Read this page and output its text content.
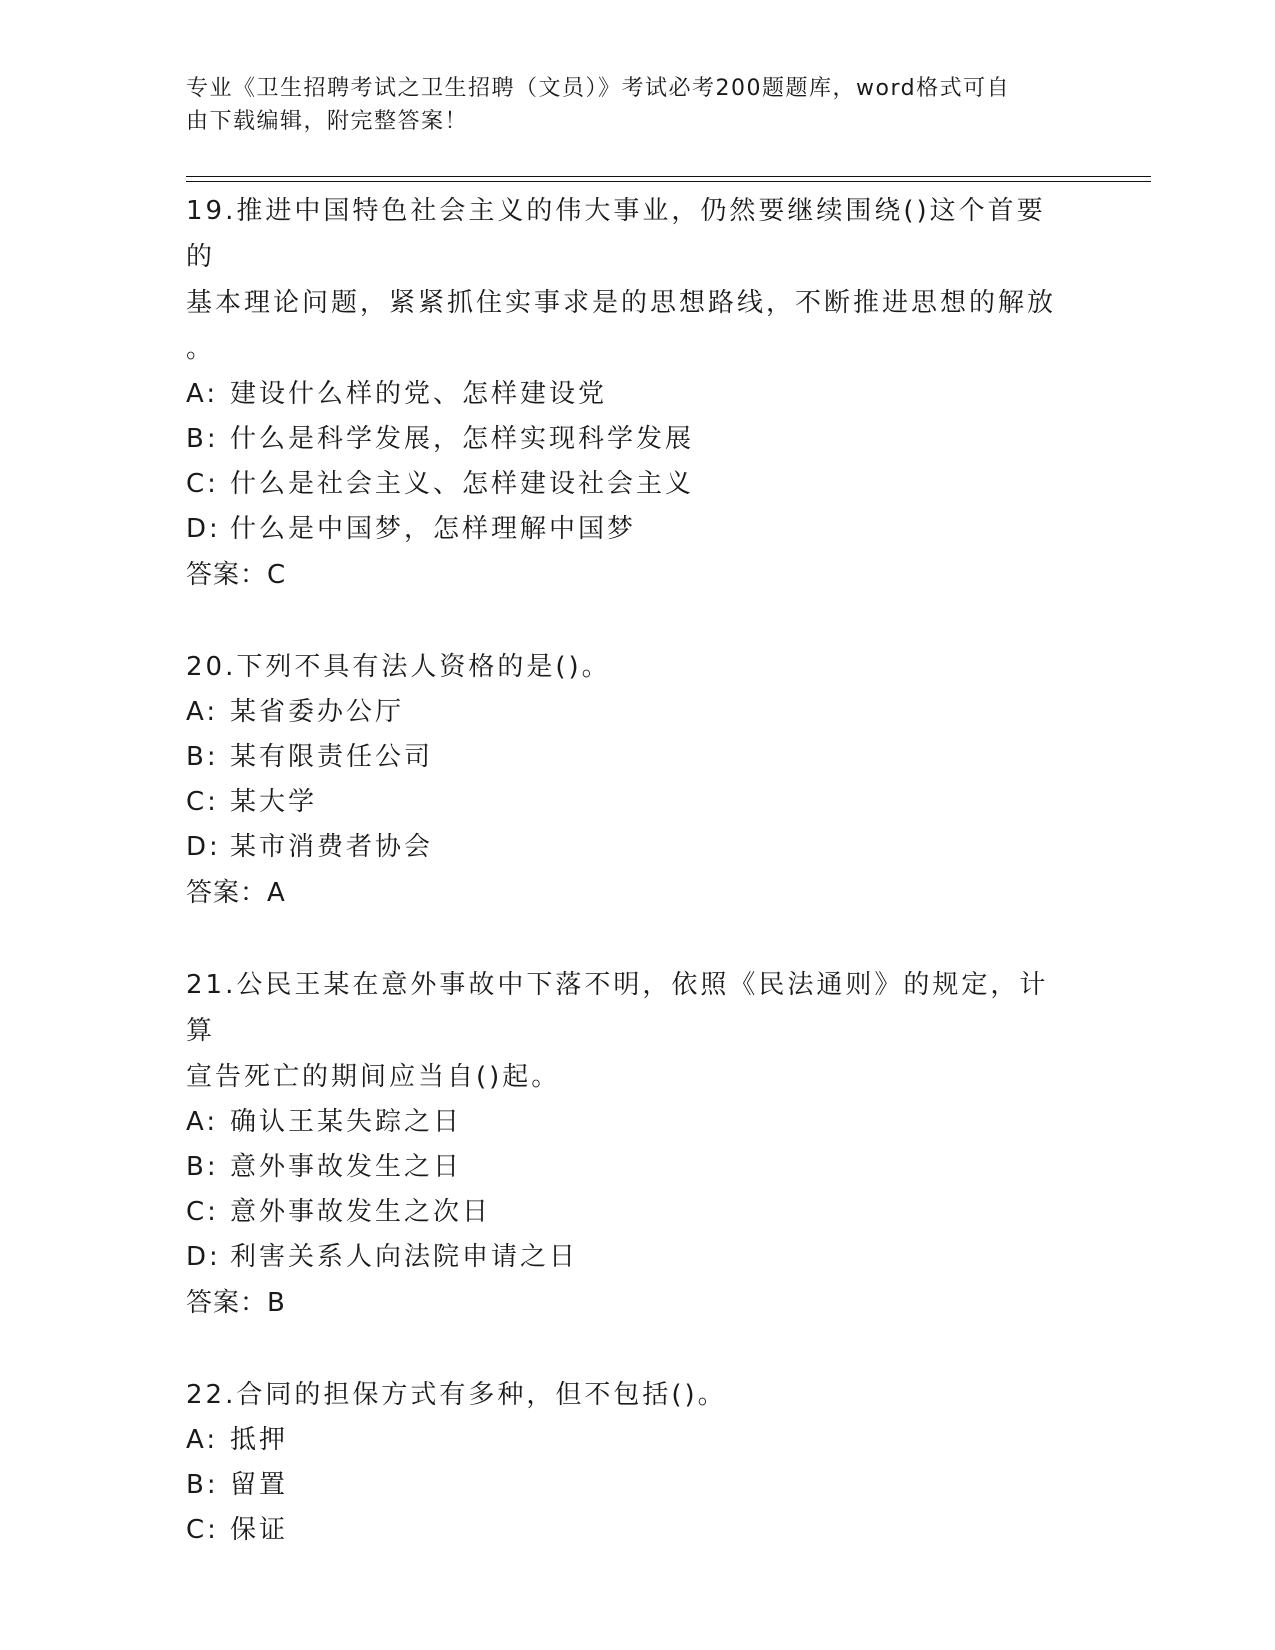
专业《卫生招聘考试之卫生招聘（文员）》考试必考200题题库，word格式可自
由下载编辑，附完整答案！
19.推进中国特色社会主义的伟大事业，仍然要继续围绕()这个首要的
基本理论问题，紧紧抓住实事求是的思想路线，不断推进思想的解放
。
A: 建设什么样的党、怎样建设党
B: 什么是科学发展，怎样实现科学发展
C: 什么是社会主义、怎样建设社会主义
D: 什么是中国梦，怎样理解中国梦
答案：C
20.下列不具有法人资格的是()。
A: 某省委办公厅
B: 某有限责任公司
C: 某大学
D: 某市消费者协会
答案：A
21.公民王某在意外事故中下落不明，依照《民法通则》的规定，计算
宣告死亡的期间应当自()起。
A: 确认王某失踪之日
B: 意外事故发生之日
C: 意外事故发生之次日
D: 利害关系人向法院申请之日
答案：B
22.合同的担保方式有多种，但不包括()。
A: 抵押
B: 留置
C: 保证
